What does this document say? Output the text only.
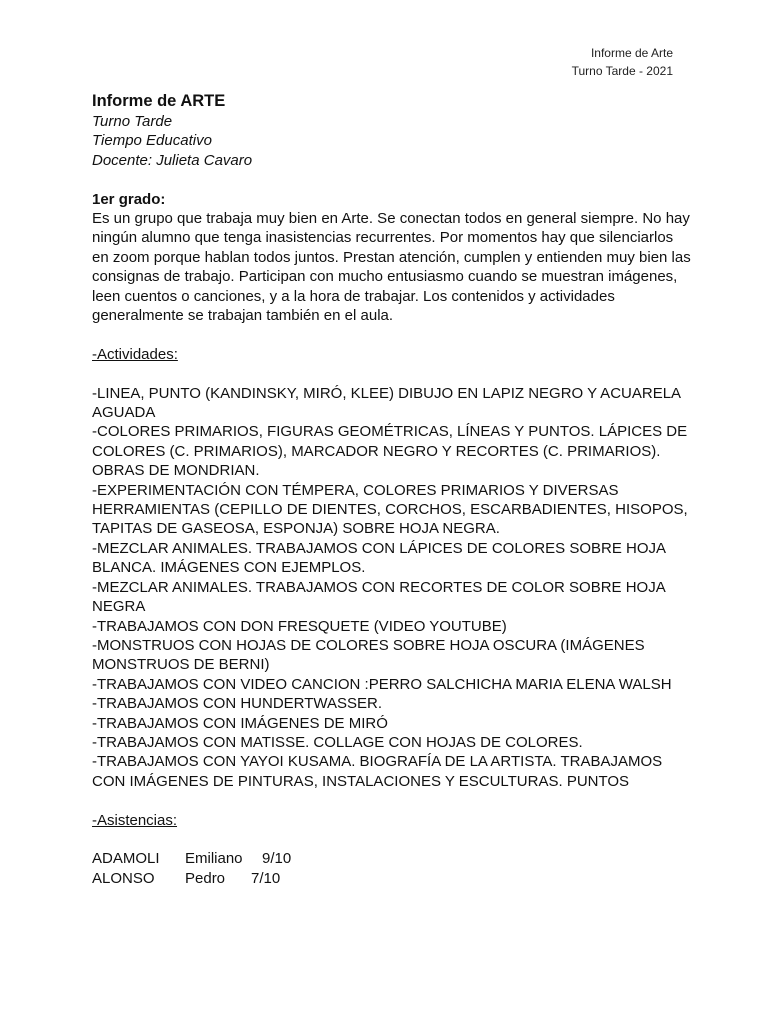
Informe de Arte
Turno Tarde - 2021
Informe de ARTE

Turno Tarde

Tiempo Educativo

Docente: Julieta Cavaro

1er grado:

Es un grupo que trabaja muy bien en Arte. Se conectan todos en general siempre. No hay ningún alumno que tenga inasistencias recurrentes. Por momentos hay que silenciarlos en zoom porque hablan todos juntos. Prestan atención, cumplen y entienden muy bien las consignas de trabajo. Participan con mucho entusiasmo cuando se muestran imágenes, leen cuentos o canciones, y a la hora de trabajar. Los contenidos y actividades generalmente se trabajan también en el aula.

-Actividades:

-LINEA, PUNTO (KANDINSKY, MIRÓ, KLEE) DIBUJO EN LAPIZ NEGRO Y ACUARELA AGUADA

-COLORES PRIMARIOS, FIGURAS GEOMÉTRICAS, LÍNEAS Y PUNTOS. LÁPICES DE COLORES (C. PRIMARIOS), MARCADOR NEGRO Y RECORTES (C. PRIMARIOS). OBRAS DE MONDRIAN.

-EXPERIMENTACIÓN CON TÉMPERA, COLORES PRIMARIOS Y DIVERSAS HERRAMIENTAS (CEPILLO DE DIENTES, CORCHOS, ESCARBADIENTES, HISOPOS, TAPITAS DE GASEOSA, ESPONJA) SOBRE HOJA NEGRA.

-MEZCLAR ANIMALES. TRABAJAMOS CON LÁPICES DE COLORES SOBRE HOJA BLANCA. IMÁGENES CON EJEMPLOS.

-MEZCLAR ANIMALES. TRABAJAMOS CON RECORTES DE COLOR SOBRE HOJA NEGRA

-TRABAJAMOS CON DON FRESQUETE (VIDEO YOUTUBE)

-MONSTRUOS CON HOJAS DE COLORES SOBRE HOJA OSCURA (IMÁGENES MONSTRUOS DE BERNI)

-TRABAJAMOS CON VIDEO CANCION :PERRO SALCHICHA MARIA ELENA WALSH

-TRABAJAMOS CON HUNDERTWASSER.

-TRABAJAMOS CON IMÁGENES DE MIRÓ

-TRABAJAMOS CON MATISSE. COLLAGE CON HOJAS DE COLORES.

-TRABAJAMOS CON YAYOI KUSAMA. BIOGRAFÍA DE LA ARTISTA. TRABAJAMOS CON IMÁGENES DE PINTURAS, INSTALACIONES Y ESCULTURAS. PUNTOS

-Asistencias:

ADAMOLI	Emiliano	9/10
ALONSO	Pedro	7/10
